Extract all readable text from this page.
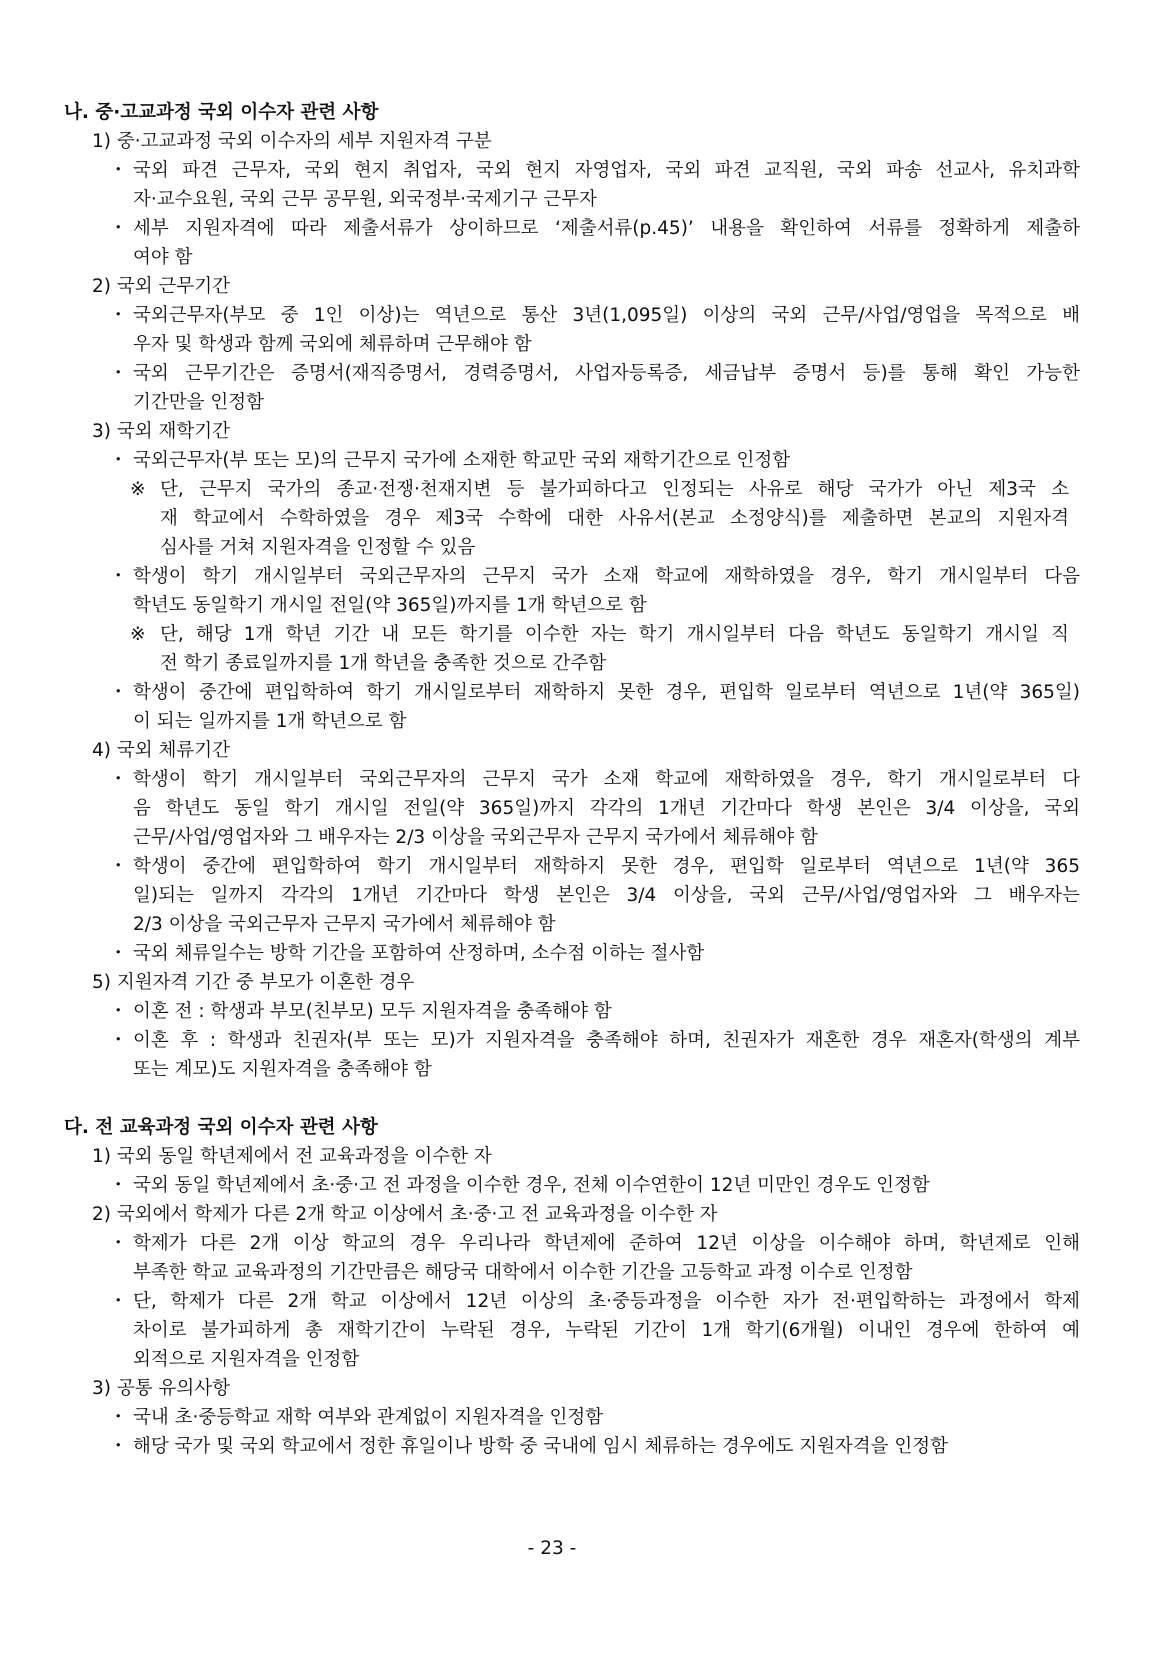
나. 중·고교과정 국외 이수자 관련 사항
1) 중·고교과정 국외 이수자의 세부 지원자격 구분
・ 국외 파견 근무자, 국외 현지 취업자, 국외 현지 자영업자, 국외 파견 교직원, 국외 파송 선교사, 유치과학
자·교수요원, 국외 근무 공무원, 외국정부·국제기구 근무자
・ 세부 지원자격에 따라 제출서류가 상이하므로 ‘제출서류(p.45)’ 내용을 확인하여 서류를 정확하게 제출하
여야 함
2) 국외 근무기간
・ 국외근무자(부모 중 1인 이상)는 역년으로 통산 3년(1,095일) 이상의 국외 근무/사업/영업을 목적으로 배
우자 및 학생과 함께 국외에 체류하며 근무해야 함
・ 국외 근무기간은 증명서(재직증명서, 경력증명서, 사업자등록증, 세금납부 증명서 등)를 통해 확인 가능한
기간만을 인정함
3) 국외 재학기간
・ 국외근무자(부 또는 모)의 근무지 국가에 소재한 학교만 국외 재학기간으로 인정함
※ 단, 근무지 국가의 종교·전쟁·천재지변 등 불가피하다고 인정되는 사유로 해당 국가가 아닌 제3국 소
재 학교에서 수학하였을 경우 제3국 수학에 대한 사유서(본교 소정양식)를 제출하면 본교의 지원자격
심사를 거쳐 지원자격을 인정할 수 있음
・ 학생이 학기 개시일부터 국외근무자의 근무지 국가 소재 학교에 재학하였을 경우, 학기 개시일부터 다음
학년도 동일학기 개시일 전일(약 365일)까지를 1개 학년으로 함
※ 단, 해당 1개 학년 기간 내 모든 학기를 이수한 자는 학기 개시일부터 다음 학년도 동일학기 개시일 직
전 학기 종료일까지를 1개 학년을 충족한 것으로 간주함
・ 학생이 중간에 편입학하여 학기 개시일로부터 재학하지 못한 경우, 편입학 일로부터 역년으로 1년(약 365일)
이 되는 일까지를 1개 학년으로 함
4) 국외 체류기간
・ 학생이 학기 개시일부터 국외근무자의 근무지 국가 소재 학교에 재학하였을 경우, 학기 개시일로부터 다
음 학년도 동일 학기 개시일 전일(약 365일)까지 각각의 1개년 기간마다 학생 본인은 3/4 이상을, 국외
근무/사업/영업자와 그 배우자는 2/3 이상을 국외근무자 근무지 국가에서 체류해야 함
・ 학생이 중간에 편입학하여 학기 개시일부터 재학하지 못한 경우, 편입학 일로부터 역년으로 1년(약 365
일)되는 일까지 각각의 1개년 기간마다 학생 본인은 3/4 이상을, 국외 근무/사업/영업자와 그 배우자는
2/3 이상을 국외근무자 근무지 국가에서 체류해야 함
・ 국외 체류일수는 방학 기간을 포함하여 산정하며, 소수점 이하는 절사함
5) 지원자격 기간 중 부모가 이혼한 경우
・ 이혼 전 : 학생과 부모(친부모) 모두 지원자격을 충족해야 함
・ 이혼 후 : 학생과 친권자(부 또는 모)가 지원자격을 충족해야 하며, 친권자가 재혼한 경우 재혼자(학생의 계부
또는 계모)도 지원자격을 충족해야 함
다. 전 교육과정 국외 이수자 관련 사항
1) 국외 동일 학년제에서 전 교육과정을 이수한 자
・ 국외 동일 학년제에서 초·중·고 전 과정을 이수한 경우, 전체 이수연한이 12년 미만인 경우도 인정함
2) 국외에서 학제가 다른 2개 학교 이상에서 초·중·고 전 교육과정을 이수한 자
・ 학제가 다른 2개 이상 학교의 경우 우리나라 학년제에 준하여 12년 이상을 이수해야 하며, 학년제로 인해
부족한 학교 교육과정의 기간만큼은 해당국 대학에서 이수한 기간을 고등학교 과정 이수로 인정함
・ 단, 학제가 다른 2개 학교 이상에서 12년 이상의 초·중등과정을 이수한 자가 전·편입학하는 과정에서 학제
차이로 불가피하게 총 재학기간이 누락된 경우, 누락된 기간이 1개 학기(6개월) 이내인 경우에 한하여 예
외적으로 지원자격을 인정함
3) 공통 유의사항
・ 국내 초·중등학교 재학 여부와 관계없이 지원자격을 인정함
・ 해당 국가 및 국외 학교에서 정한 휴일이나 방학 중 국내에 임시 체류하는 경우에도 지원자격을 인정함
- 23 -
